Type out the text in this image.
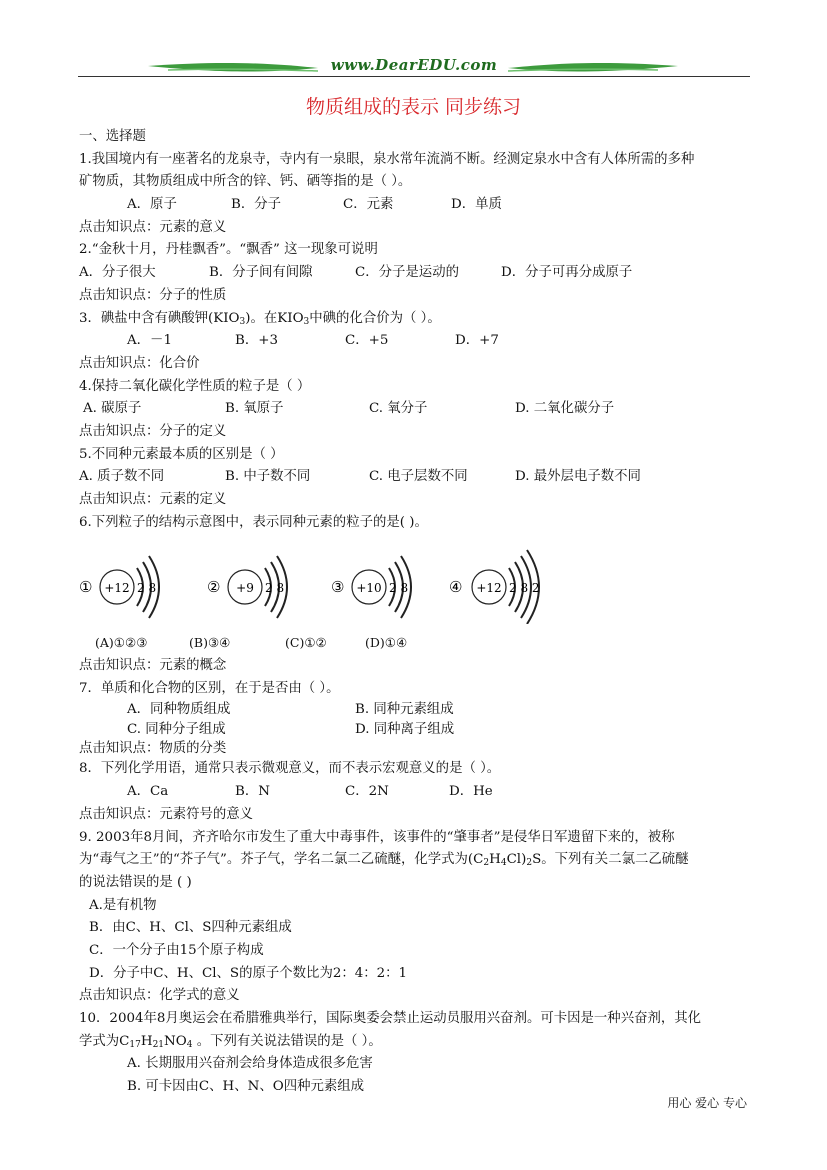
www.DearEDU.com
物质组成的表示 同步练习
一、选择题
1.我国境内有一座著名的龙泉寺，寺内有一泉眼，泉水常年流淌不断。经测定泉水中含有人体所需的多种
矿物质，其物质组成中所含的锌、钙、硒等指的是（ ）。
A．原子	B．分子	C．元素	D．单质
点击知识点：元素的意义
2.“金秋十月，丹桂飘香”。“飘香” 这一现象可说明
A．分子很大	B．分子间有间隙	C．分子是运动的	D．分子可再分成原子
点击知识点：分子的性质
3．碘盐中含有碘酸钾$(KIO_3)$。在$KIO_3$中碘的化合价为（ ）。
A．－1	B．+3	C．+5	D．+7
点击知识点：化合价
4.保持二氧化碳化学性质的粒子是（ ）
A. 碳原子	B. 氧原子	C. 氧分子	D. 二氧化碳分子
点击知识点：分子的定义
5.不同种元素最本质的区别是（ ）
A. 质子数不同	B. 中子数不同	C. 电子层数不同	D. 最外层电子数不同
点击知识点：元素的定义
6.下列粒子的结构示意图中，表示同种元素的粒子的是( )。
① +12 2 8	② +9 2 8	③ +10 2 8	④ +12 2 8 2
(A)①②③	(B)③④	(C)①②	(D)①④
点击知识点：元素的概念
7．单质和化合物的区别，在于是否由（ ）。
A．同种物质组成	B. 同种元素组成
C. 同种分子组成	D. 同种离子组成
点击知识点：物质的分类
8．下列化学用语，通常只表示微观意义，而不表示宏观意义的是（ ）。
A．Ca	B．N	C．2N	D．He
点击知识点：元素符号的意义
9. 2003年8月间，齐齐哈尔市发生了重大中毒事件，该事件的“肇事者”是侵华日军遗留下来的，被称
为“毒气之王”的“芥子气”。芥子气，学名二氯二乙硫醚，化学式为$(C_2H_4Cl)_2S$。下列有关二氯二乙硫醚
的说法错误的是 ( )
A.是有机物
B．由C、H、Cl、S四种元素组成
C．一个分子由15个原子构成
D．分子中C、H、Cl、S的原子个数比为2：4：2：1
点击知识点：化学式的意义
10．2004年8月奥运会在希腊雅典举行，国际奥委会禁止运动员服用兴奋剂。可卡因是一种兴奋剂，其化
学式为$C_{17}H_{21}NO_4$ 。下列有关说法错误的是（ ）。
A. 长期服用兴奋剂会给身体造成很多危害
B. 可卡因由C、H、N、O四种元素组成
用心 爱心 专心
